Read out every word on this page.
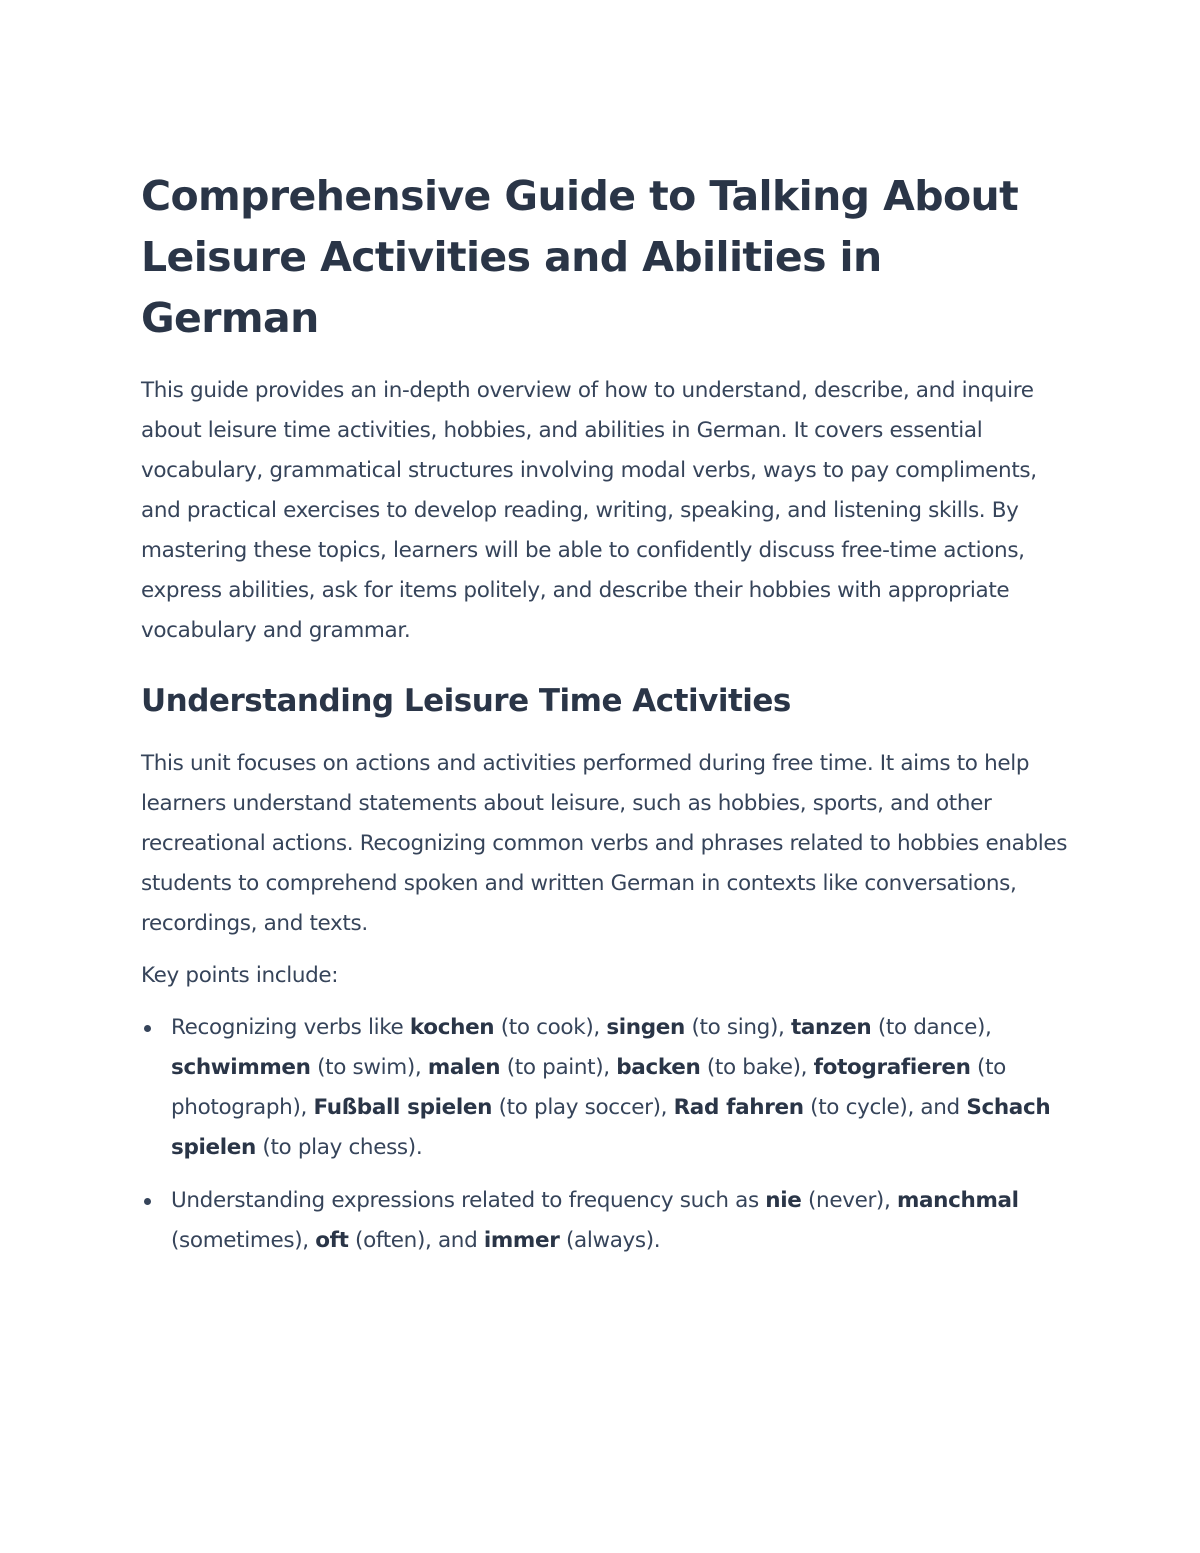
Comprehensive Guide to Talking About Leisure Activities and Abilities in German

This guide provides an in-depth overview of how to understand, describe, and inquire about leisure time activities, hobbies, and abilities in German. It covers essential vocabulary, grammatical structures involving modal verbs, ways to pay compliments, and practical exercises to develop reading, writing, speaking, and listening skills. By mastering these topics, learners will be able to confidently discuss free-time actions, express abilities, ask for items politely, and describe their hobbies with appropriate vocabulary and grammar.

Understanding Leisure Time Activities

This unit focuses on actions and activities performed during free time. It aims to help learners understand statements about leisure, such as hobbies, sports, and other recreational actions. Recognizing common verbs and phrases related to hobbies enables students to comprehend spoken and written German in contexts like conversations, recordings, and texts.

Key points include:

Recognizing verbs like kochen (to cook), singen (to sing), tanzen (to dance), schwimmen (to swim), malen (to paint), backen (to bake), fotografieren (to photograph), Fußball spielen (to play soccer), Rad fahren (to cycle), and Schach spielen (to play chess).
Understanding expressions related to frequency such as nie (never), manchmal (sometimes), oft (often), and immer (always).
